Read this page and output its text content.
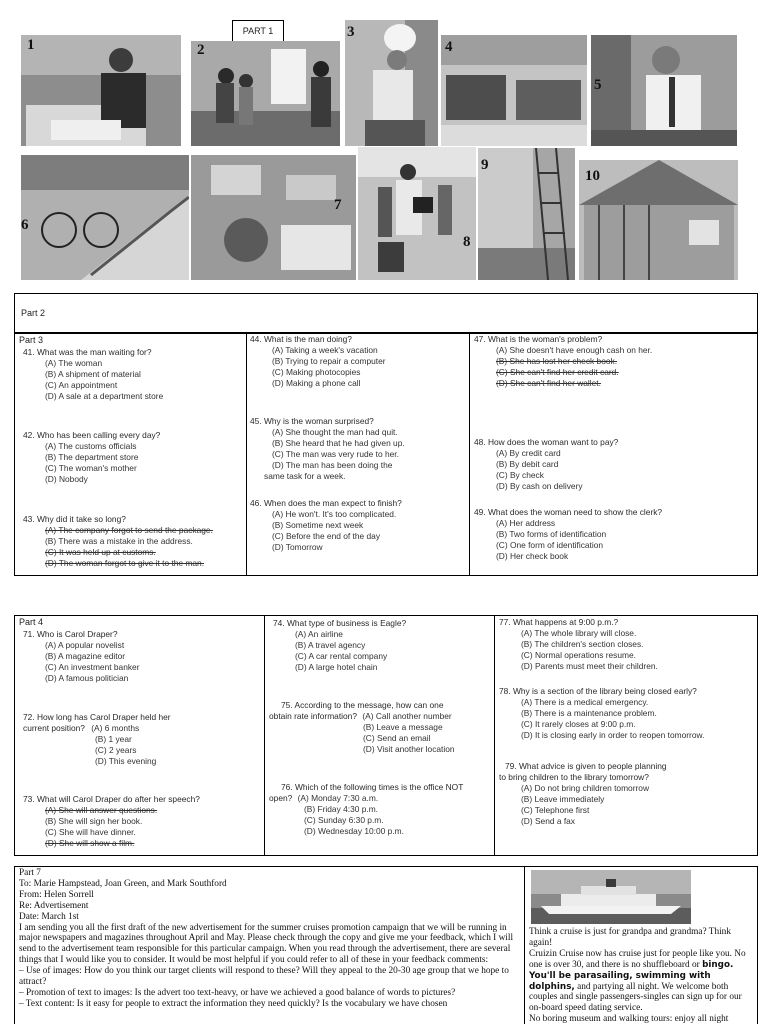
PART 1
1	2
3
4
5
6
7
8
9
10
Part 2
Part 3
41. What was the man waiting for?
(A) The woman
(B) A shipment of material
(C) An appointment
(D) A sale at a department store
42. Who has been calling every day?
(A) The customs officials
(B) The department store
(C) The woman's mother
(D) Nobody
43. Why did it take so long?
(A) The company forgot to send the package.
(B) There was a mistake in the address.
(C) It was held up at customs.
(D) The woman forgot to give it to the man.
44. What is the man doing?
(A) Taking a week's vacation
(B) Trying to repair a computer
(C) Making photocopies
(D) Making a phone call
45. Why is the woman surprised?
(A) She thought the man had quit.
(B) She heard that he had given up.
(C) The man was very rude to her.
(D) The man has been doing the
same task for a week.
46. When does the man expect to finish?
(A) He won't. It's too complicated.
(B) Sometime next week
(C) Before the end of the day
(D) Tomorrow
47. What is the woman's problem?
(A) She doesn't have enough cash on her.
(B) She has lost her check book.
(C) She can't find her credit card.
(D) She can't find her wallet.
48. How does the woman want to pay?
(A) By credit card
(B) By debit card
(C) By check
(D) By cash on delivery
49. What does the woman need to show the clerk?
(A) Her address
(B) Two forms of identification
(C) One form of identification
(D) Her check book
Part 4
71. Who is Carol Draper?
(A) A popular novelist
(B) A magazine editor
(C) An investment banker
(D) A famous politician
72. How long has Carol Draper held her
current position? (A) 6 months
(B) 1 year
(C) 2 years
(D) This evening
73. What will Carol Draper do after her speech?
(A) She will answer questions.
(B) She will sign her book.
(C) She will have dinner.
(D) She will show a film.
74. What type of business is Eagle?
(A) An airline
(B) A travel agency
(C) A car rental company
(D) A large hotel chain
75. According to the message, how can one
obtain rate information? (A) Call another number
(B) Leave a message
(C) Send an email
(D) Visit another location
76. Which of the following times is the office NOT
open? (A) Monday 7:30 a.m.
(B) Friday 4:30 p.m.
(C) Sunday 6:30 p.m.
(D) Wednesday 10:00 p.m.
77. What happens at 9:00 p.m.?
(A) The whole library will close.
(B) The children's section closes.
(C) Normal operations resume.
(D) Parents must meet their children.
78. Why is a section of the library being closed early?
(A) There is a medical emergency.
(B) There is a maintenance problem.
(C) It rarely closes at 9:00 p.m.
(D) It is closing early in order to reopen tomorrow.
79. What advice is given to people planning
to bring children to the library tomorrow?
(A) Do not bring children tomorrow
(B) Leave immediately
(C) Telephone first
(D) Send a fax

Part 7

To: Marie Hampstead, Joan Green, and Mark Southford

From: Helen Sorrell

Re: Advertisement

Date: March 1st

I am sending you all the first draft of the new advertisement for the summer cruises promotion campaign that we will be running in major newspapers and magazines throughout April and May. Please check through the copy and give me your feedback, which I will send to the advertisement team responsible for this particular campaign. When you read through the advertisement, there are several things that I would like you to consider. It would be most helpful if you could refer to all of these in your feedback comments:

– Use of images: How do you think our target clients will respond to these? Will they appeal to the 20-30 age group that we hope to attract?

– Promotion of text to images: Is the advert too text-heavy, or have we achieved a good balance of words to pictures?

– Text content: Is it easy for people to extract the information they need quickly? Is the vocabulary we have chosen

Think a cruise is just for grandpa and grandma? Think again!

Cruizin Cruise now has cruise just for people like you. No one is over 30, and there is no shuffleboard or bingo. You'll be parasailing, swimming with dolphins, and partying all night. We welcome both couples and single passengers-singles can sign up for our on-board speed dating service.

No boring museum and walking tours: enjoy all night
